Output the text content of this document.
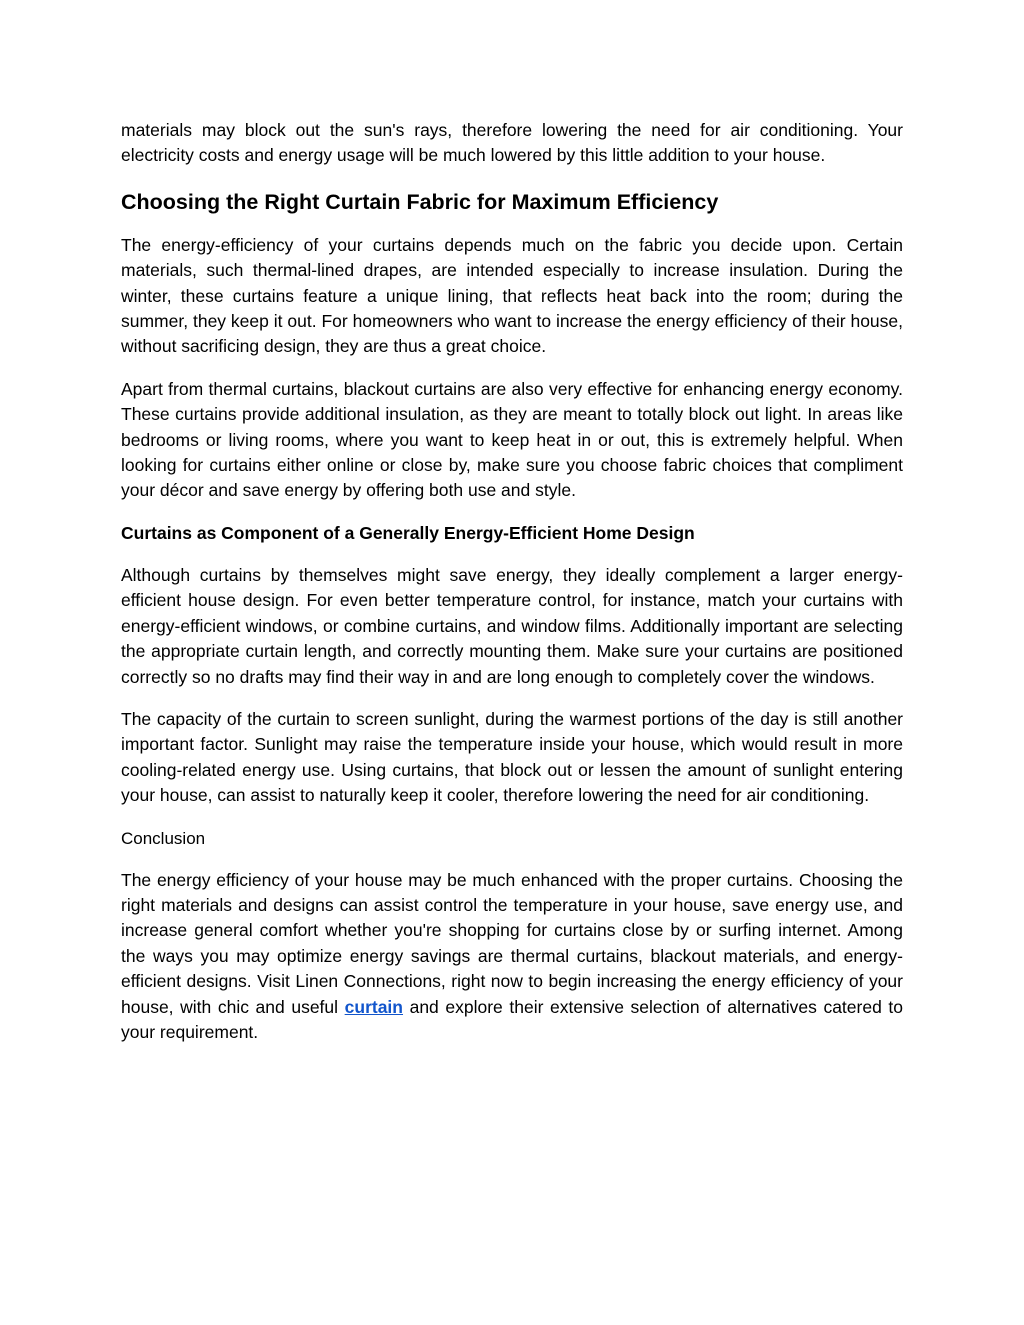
materials may block out the sun's rays, therefore lowering the need for air conditioning. Your electricity costs and energy usage will be much lowered by this little addition to your house.

Choosing the Right Curtain Fabric for Maximum Efficiency

The energy-efficiency of your curtains depends much on the fabric you decide upon. Certain materials, such thermal-lined drapes, are intended especially to increase insulation. During the winter, these curtains feature a unique lining, that reflects heat back into the room; during the summer, they keep it out. For homeowners who want to increase the energy efficiency of their house, without sacrificing design, they are thus a great choice.

Apart from thermal curtains, blackout curtains are also very effective for enhancing energy economy. These curtains provide additional insulation, as they are meant to totally block out light. In areas like bedrooms or living rooms, where you want to keep heat in or out, this is extremely helpful. When looking for curtains either online or close by, make sure you choose fabric choices that compliment your décor and save energy by offering both use and style.

Curtains as Component of a Generally Energy-Efficient Home Design

Although curtains by themselves might save energy, they ideally complement a larger energy-efficient house design. For even better temperature control, for instance, match your curtains with energy-efficient windows, or combine curtains, and window films. Additionally important are selecting the appropriate curtain length, and correctly mounting them. Make sure your curtains are positioned correctly so no drafts may find their way in and are long enough to completely cover the windows.

The capacity of the curtain to screen sunlight, during the warmest portions of the day is still another important factor. Sunlight may raise the temperature inside your house, which would result in more cooling-related energy use. Using curtains, that block out or lessen the amount of sunlight entering your house, can assist to naturally keep it cooler, therefore lowering the need for air conditioning.

Conclusion

The energy efficiency of your house may be much enhanced with the proper curtains. Choosing the right materials and designs can assist control the temperature in your house, save energy use, and increase general comfort whether you're shopping for curtains close by or surfing internet. Among the ways you may optimize energy savings are thermal curtains, blackout materials, and energy-efficient designs. Visit Linen Connections, right now to begin increasing the energy efficiency of your house, with chic and useful curtain and explore their extensive selection of alternatives catered to your requirement.
